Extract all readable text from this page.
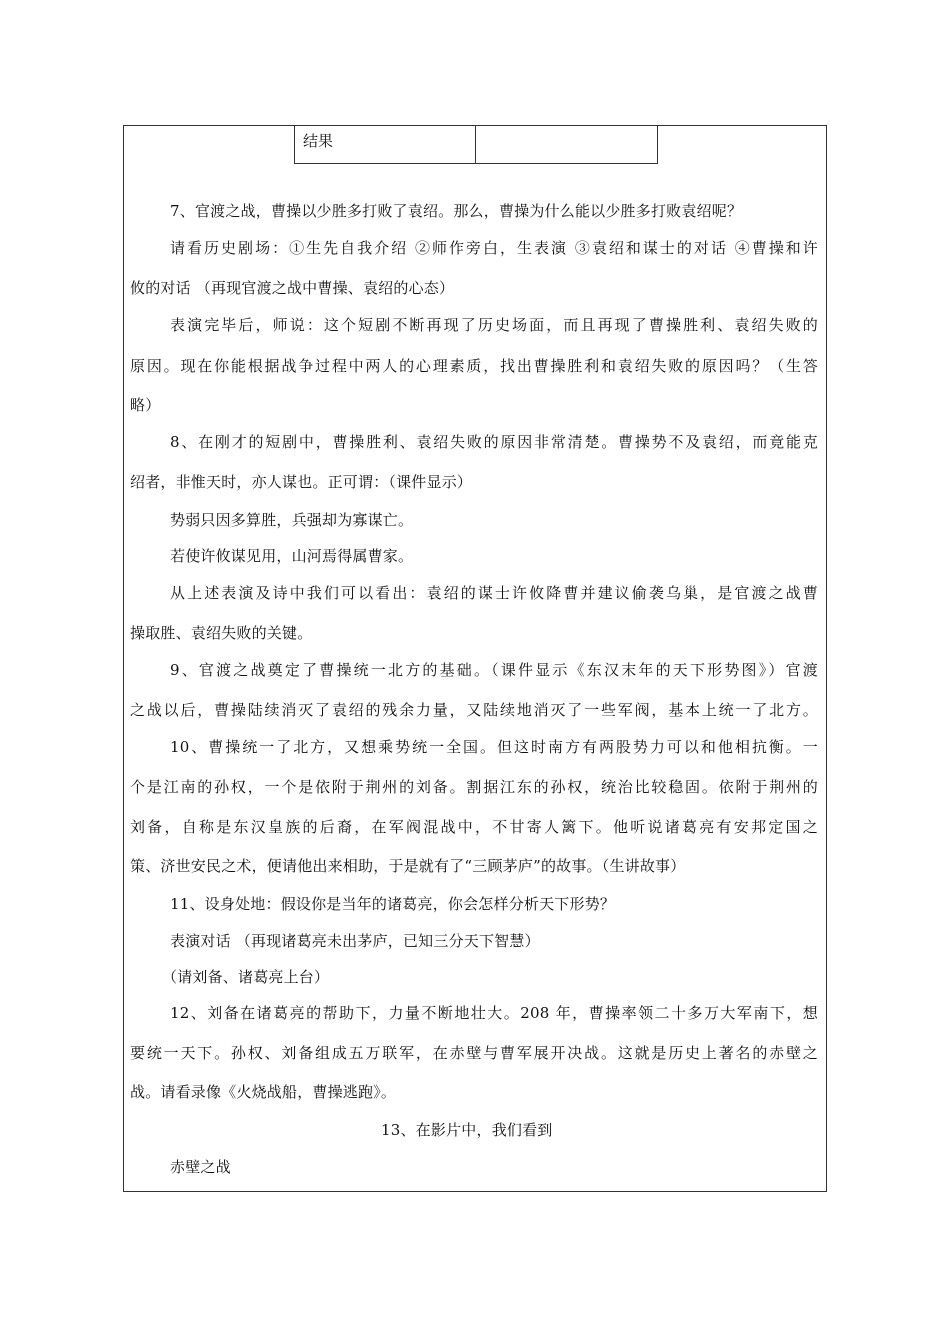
结果	
7、官渡之战，曹操以少胜多打败了袁绍。那么，曹操为什么能以少胜多打败袁绍呢？
请看历史剧场：①生先自我介绍 ②师作旁白，生表演 ③袁绍和谋士的对话 ④曹操和许
攸的对话 （再现官渡之战中曹操、袁绍的心态）
表演完毕后，师说：这个短剧不断再现了历史场面，而且再现了曹操胜利、袁绍失败的
原因。现在你能根据战争过程中两人的心理素质，找出曹操胜利和袁绍失败的原因吗？（生答
略）
8、在刚才的短剧中，曹操胜利、袁绍失败的原因非常清楚。曹操势不及袁绍，而竟能克
绍者，非惟天时，亦人谋也。正可谓：（课件显示）
势弱只因多算胜，兵强却为寡谋亡。
若使许攸谋见用，山河焉得属曹家。
从上述表演及诗中我们可以看出：袁绍的谋士许攸降曹并建议偷袭乌巢，是官渡之战曹
操取胜、袁绍失败的关键。
9、官渡之战奠定了曹操统一北方的基础。（课件显示《东汉末年的天下形势图》）官渡
之战以后，曹操陆续消灭了袁绍的残余力量，又陆续地消灭了一些军阀，基本上统一了北方。
10、曹操统一了北方，又想乘势统一全国。但这时南方有两股势力可以和他相抗衡。一
个是江南的孙权，一个是依附于荆州的刘备。割据江东的孙权，统治比较稳固。依附于荆州的
刘备，自称是东汉皇族的后裔，在军阀混战中，不甘寄人篱下。他听说诸葛亮有安邦定国之
策、济世安民之术，便请他出来相助，于是就有了“三顾茅庐”的故事。（生讲故事）
11、设身处地：假设你是当年的诸葛亮，你会怎样分析天下形势？
表演对话 （再现诸葛亮未出茅庐，已知三分天下智慧）
（请刘备、诸葛亮上台）
12、刘备在诸葛亮的帮助下，力量不断地壮大。208 年，曹操率领二十多万大军南下，想
要统一天下。孙权、刘备组成五万联军，在赤壁与曹军展开决战。这就是历史上著名的赤壁之
战。请看录像《火烧战船，曹操逃跑》。
13、在影片中，我们看到
赤壁之战
